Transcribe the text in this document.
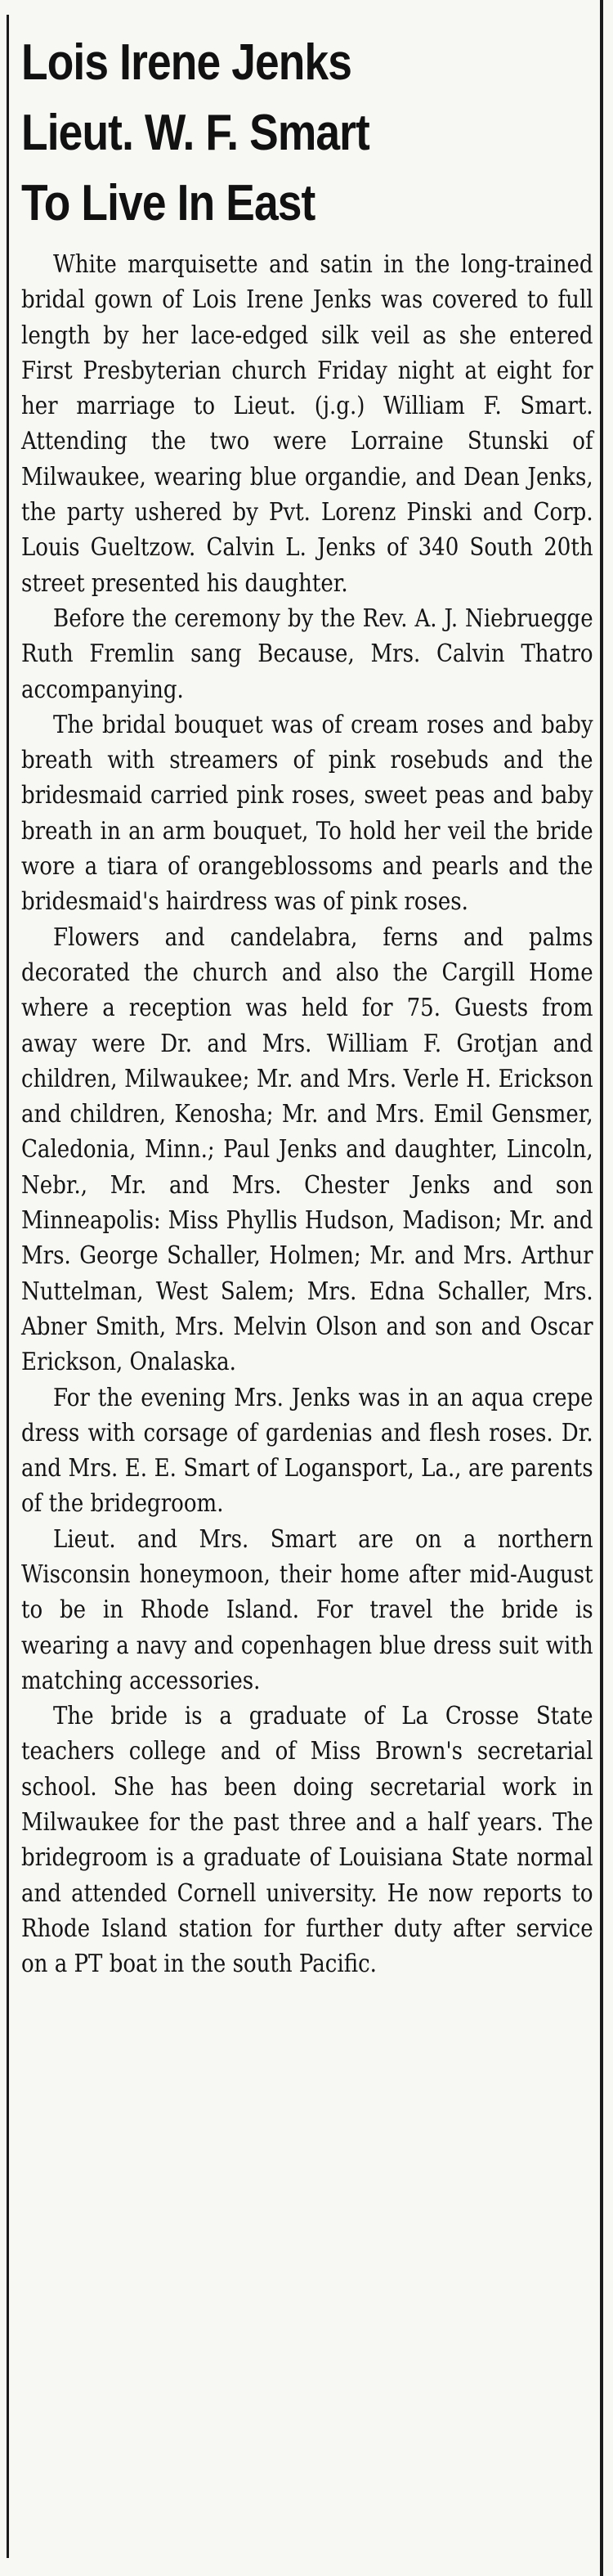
Lois Irene Jenks
Lieut. W. F. Smart
To Live In East

White marquisette and satin in the long-trained bridal gown of Lois Irene Jenks was covered to full length by her lace-edged silk veil as she entered First Presbyterian church Friday night at eight for her marriage to Lieut. (j.g.) William F. Smart. Attending the two were Lorraine Stunski of Milwaukee, wearing blue organdie, and Dean Jenks, the party ushered by Pvt. Lorenz Pinski and Corp. Louis Gueltzow. Calvin L. Jenks of 340 South 20th street presented his daughter.

Before the ceremony by the Rev. A. J. Niebruegge Ruth Fremlin sang Because, Mrs. Calvin Thatro accompanying.

The bridal bouquet was of cream roses and baby breath with streamers of pink rosebuds and the bridesmaid carried pink roses, sweet peas and baby breath in an arm bouquet, To hold her veil the bride wore a tiara of orangeblossoms and pearls and the bridesmaid's hairdress was of pink roses.

Flowers and candelabra, ferns and palms decorated the church and also the Cargill Home where a reception was held for 75. Guests from away were Dr. and Mrs. William F. Grotjan and children, Milwaukee; Mr. and Mrs. Verle H. Erickson and children, Kenosha; Mr. and Mrs. Emil Gensmer, Caledonia, Minn.; Paul Jenks and daughter, Lincoln, Nebr., Mr. and Mrs. Chester Jenks and son Minneapolis: Miss Phyllis Hudson, Madison; Mr. and Mrs. George Schaller, Holmen; Mr. and Mrs. Arthur Nuttelman, West Salem; Mrs. Edna Schaller, Mrs. Abner Smith, Mrs. Melvin Olson and son and Oscar Erickson, Onalaska.

For the evening Mrs. Jenks was in an aqua crepe dress with corsage of gardenias and flesh roses. Dr. and Mrs. E. E. Smart of Logansport, La., are parents of the bridegroom.

Lieut. and Mrs. Smart are on a northern Wisconsin honeymoon, their home after mid-August to be in Rhode Island. For travel the bride is wearing a navy and copenhagen blue dress suit with matching accessories.

The bride is a graduate of La Crosse State teachers college and of Miss Brown's secretarial school. She has been doing secretarial work in Milwaukee for the past three and a half years. The bridegroom is a graduate of Louisiana State normal and attended Cornell university. He now reports to Rhode Island station for further duty after service on a PT boat in the south Pacific.
